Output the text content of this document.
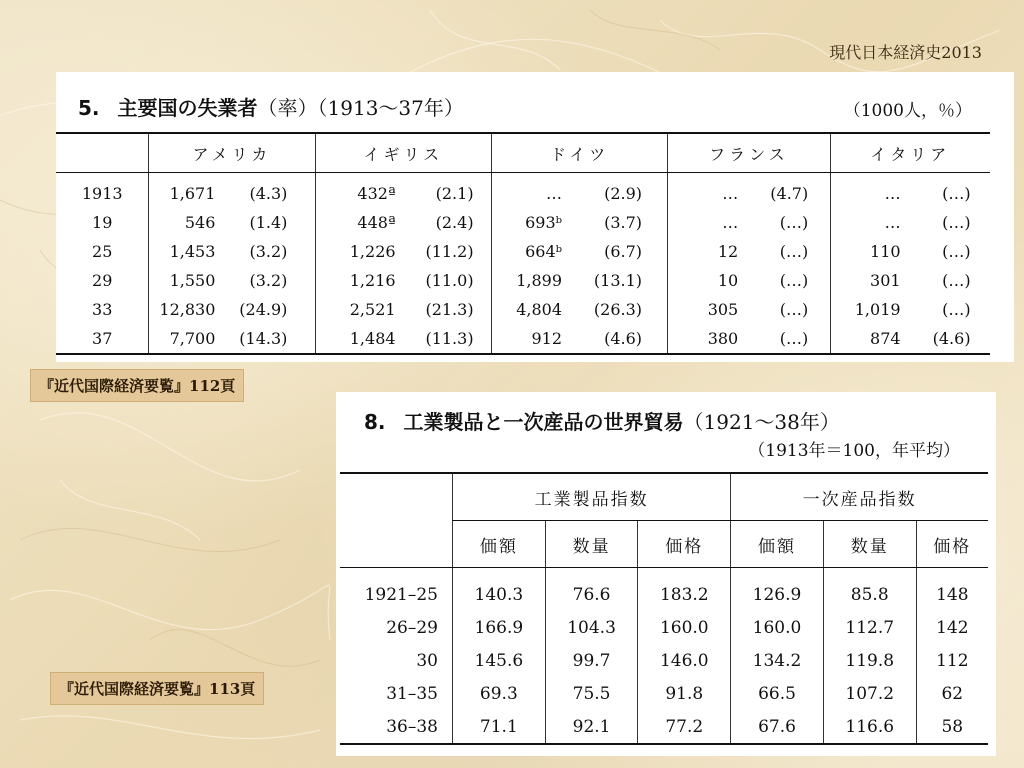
現代日本経済史2013
5. 主要国の失業者（率）（1913～37年）	（1000人，％）
	アメリカ	イギリス	ドイツ	フランス	イタリア
1913	1,671 (4.3)	432ª (2.1)	… (2.9)	… (4.7)	… (…)
19	546 (1.4)	448ª (2.4)	693ᵇ (3.7)	… (…)	… (…)
25	1,453 (3.2)	1,226 (11.2)	664ᵇ (6.7)	12 (…)	110 (…)
29	1,550 (3.2)	1,216 (11.0)	1,899 (13.1)	10 (…)	301 (…)
33	12,830 (24.9)	2,521 (21.3)	4,804 (26.3)	305 (…)	1,019 (…)
37	7,700 (14.3)	1,484 (11.3)	912 (4.6)	380 (…)	874 (4.6)
『近代国際経済要覧』112頁
8. 工業製品と一次産品の世界貿易（1921～38年）
（1913年＝100，年平均）
	工業製品指数			一次産品指数		
	価額	数量	価格	価額	数量	価格
1921–25	140.3	76.6	183.2	126.9	85.8	148
26–29	166.9	104.3	160.0	160.0	112.7	142
30	145.6	99.7	146.0	134.2	119.8	112
31–35	69.3	75.5	91.8	66.5	107.2	62
36–38	71.1	92.1	77.2	67.6	116.6	58
『近代国際経済要覧』113頁
